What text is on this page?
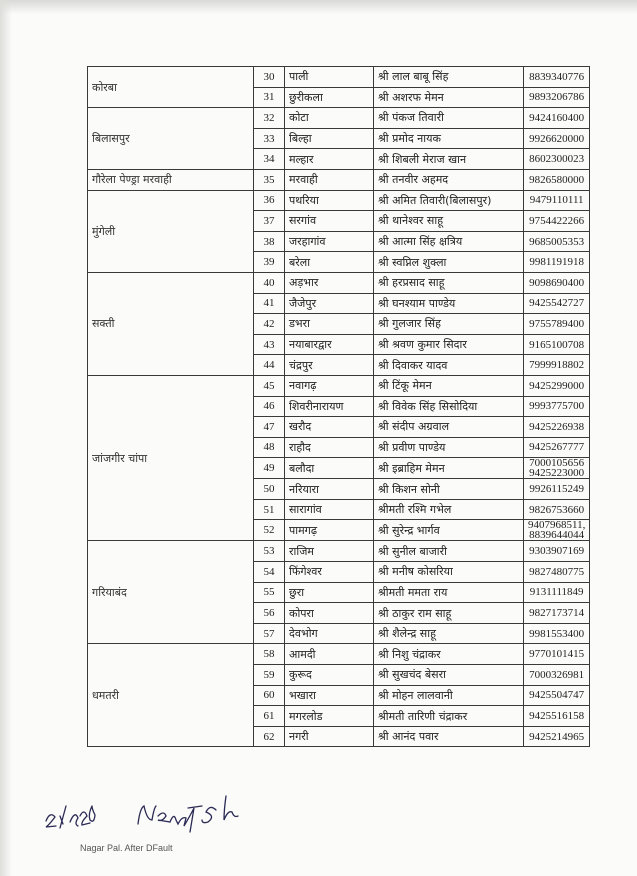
कोरबा	30	पाली	श्री लाल बाबू सिंह	8839340776

	31	छुरीकला	श्री अशरफ मेमन	9893206786

बिलासपुर	32	कोटा	श्री पंकज तिवारी	9424160400

	33	बिल्हा	श्री प्रमोद नायक	9926620000

	34	मल्हार	श्री शिबली मेराज खान	8602300023

गौरेला पेण्ड्रा मरवाही	35	मरवाही	श्री तनवीर अहमद	9826580000

मुंगेली	36	पथरिया	श्री अमित तिवारी(बिलासपुर)	9479110111

	37	सरगांव	श्री थानेश्वर साहू	9754422266

	38	जरहागांव	श्री आत्मा सिंह क्षत्रिय	9685005353

	39	बरेला	श्री स्वप्निल शुक्ला	9981191918

सक्ती	40	अड़भार	श्री हरप्रसाद साहू	9098690400

	41	जैजेपुर	श्री घनश्याम पाण्डेय	9425542727

	42	डभरा	श्री गुलजार सिंह	9755789400

	43	नयाबारद्वार	श्री श्रवण कुमार सिदार	9165100708

	44	चंद्रपुर	श्री दिवाकर यादव	7999918802

जांजगीर चांपा	45	नवागढ़	श्री टिंकू मेमन	9425299000

	46	शिवरीनारायण	श्री विवेक सिंह सिसोदिया	9993775700

	47	खरौद	श्री संदीप अग्रवाल	9425226938

	48	राहौद	श्री प्रवीण पाण्डेय	9425267777

	49	बलौदा	श्री इब्राहिम मेमन	7000105656
9425223000

	50	नरियारा	श्री किशन सोनी	9926115249

	51	सारागांव	श्रीमती रश्मि गभेल	9826753660

	52	पामगढ़	श्री सुरेन्द्र भार्गव	9407968511,
8839644044

गरियाबंद	53	राजिम	श्री सुनील बाजारी	9303907169

	54	फिंगेश्वर	श्री मनीष कोसरिया	9827480775

	55	छुरा	श्रीमती ममता राय	9131111849

	56	कोपरा	श्री ठाकुर राम साहू	9827173714

	57	देवभोग	श्री शैलेन्द्र साहू	9981553400

धमतरी	58	आमदी	श्री निशु चंद्राकर	9770101415

	59	कुरूद	श्री सुखचंद बेसरा	7000326981

	60	भखारा	श्री मोहन लालवानी	9425504747

	61	मगरलोड	श्रीमती तारिणी चंद्राकर	9425516158

	62	नगरी	श्री आनंद पवार	9425214965
Nagar Pal. After DFault
